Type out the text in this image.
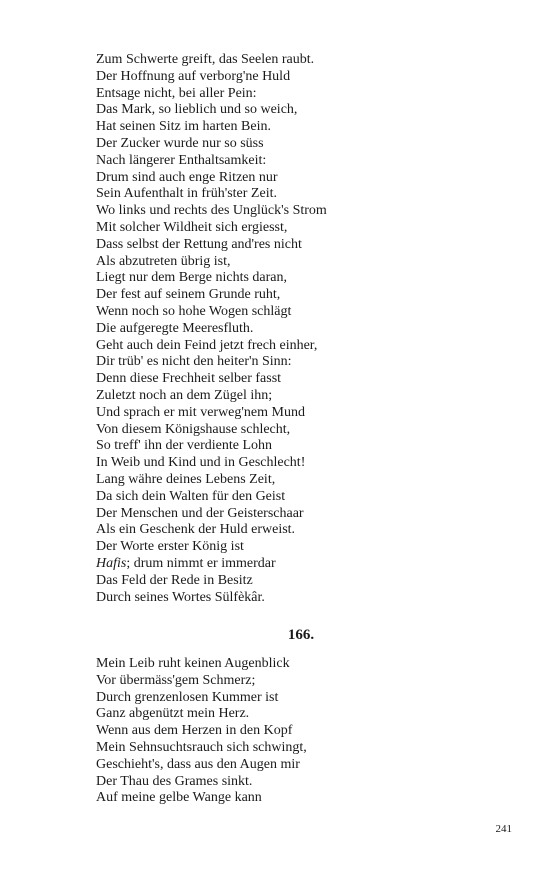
Zum Schwerte greift, das Seelen raubt.
Der Hoffnung auf verborg'ne Huld
Entsage nicht, bei aller Pein:
Das Mark, so lieblich und so weich,
Hat seinen Sitz im harten Bein.
Der Zucker wurde nur so süss
Nach längerer Enthaltsamkeit:
Drum sind auch enge Ritzen nur
Sein Aufenthalt in früh'ster Zeit.
Wo links und rechts des Unglück's Strom
Mit solcher Wildheit sich ergiesst,
Dass selbst der Rettung and'res nicht
Als abzutreten übrig ist,
Liegt nur dem Berge nichts daran,
Der fest auf seinem Grunde ruht,
Wenn noch so hohe Wogen schlägt
Die aufgeregte Meeresfluth.
Geht auch dein Feind jetzt frech einher,
Dir trüb' es nicht den heiter'n Sinn:
Denn diese Frechheit selber fasst
Zuletzt noch an dem Zügel ihn;
Und sprach er mit verweg'nem Mund
Von diesem Königshause schlecht,
So treff' ihn der verdiente Lohn
In Weib und Kind und in Geschlecht!
Lang währe deines Lebens Zeit,
Da sich dein Walten für den Geist
Der Menschen und der Geisterschaar
Als ein Geschenk der Huld erweist.
Der Worte erster König ist
Hafis; drum nimmt er immerdar
Das Feld der Rede in Besitz
Durch seines Wortes Sülfèkâr.
166.
Mein Leib ruht keinen Augenblick
Vor übermäss'gem Schmerz;
Durch grenzenlosen Kummer ist
Ganz abgenützt mein Herz.
Wenn aus dem Herzen in den Kopf
Mein Sehnsuchtsrauch sich schwingt,
Geschieht's, dass aus den Augen mir
Der Thau des Grames sinkt.
Auf meine gelbe Wange kann
241
